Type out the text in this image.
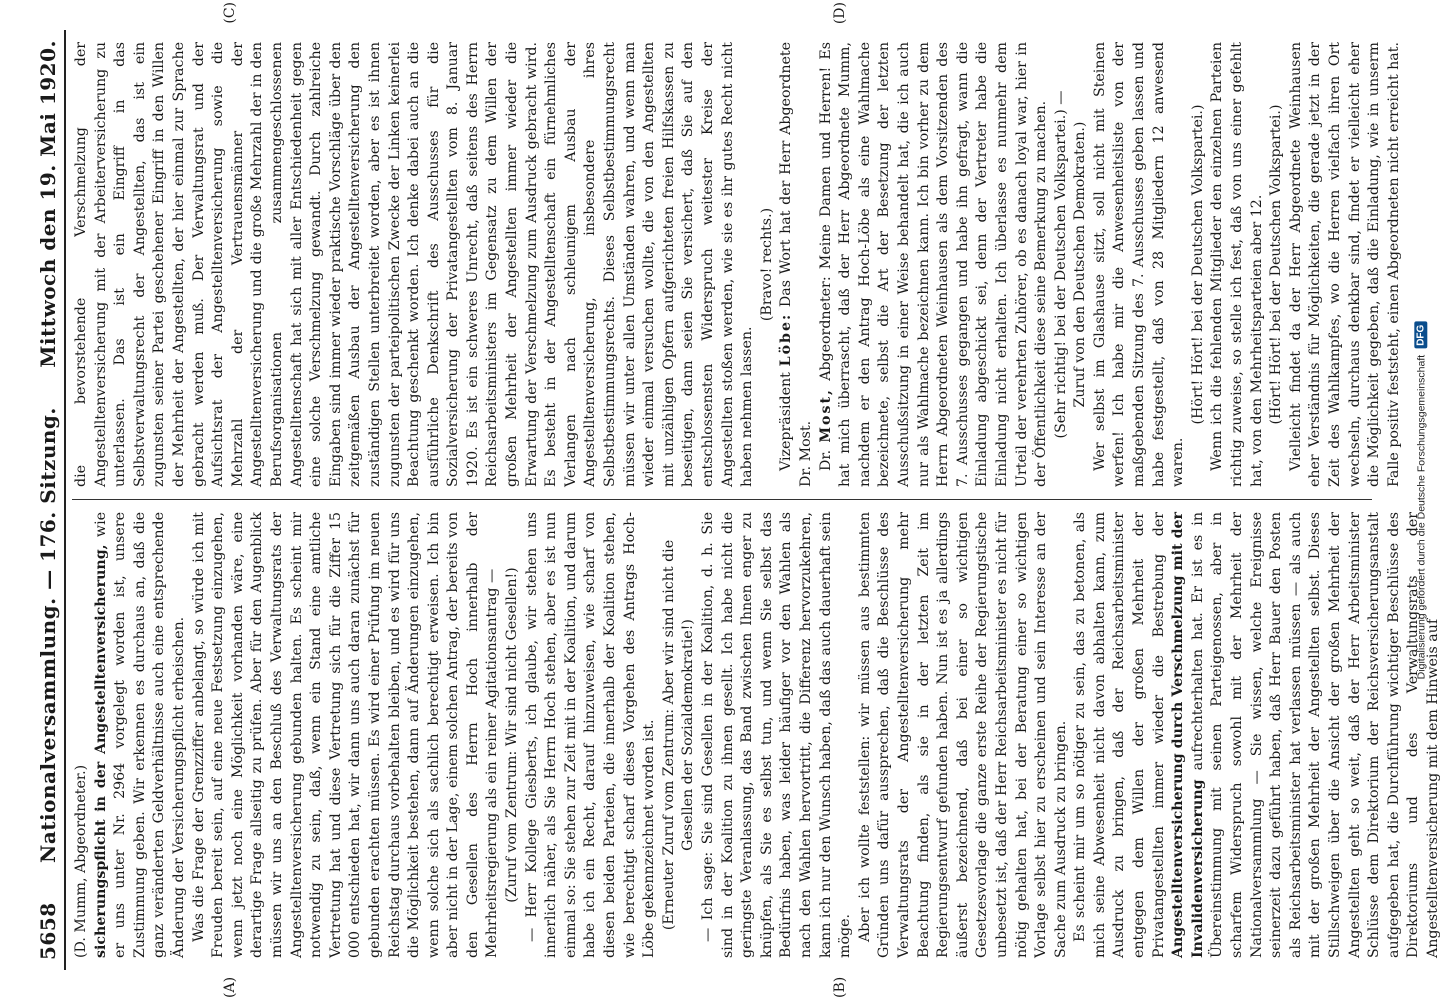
5658
Nationalversammlung. — 176. Sitzung.
Mittwoch den 19. Mai 1920.
(A)	(B)
(C)	(D)

(D. Mumm, Abgeordneter.) sicherungspflicht in der Angestelltenversicherung, wie er uns unter Nr. 2964 vorgelegt worden ist, unsere Zustimmung geben. Wir erkennen es durchaus an, daß die ganz veränderten Geldverhältnisse auch eine entsprechende Änderung der Versicherungspflicht erheischen. Was die Frage der Grenzziffer anbelangt, so würde ich mit Freuden bereit sein, auf eine neue Festsetzung einzugehen, wenn jetzt noch eine Möglichkeit vorhanden wäre, eine derartige Frage allseitig zu prüfen. Aber für den Augenblick müssen wir uns an den Beschluß des Verwaltungsrats der Angestelltenversicherung gebunden halten. Es scheint mir notwendig zu sein, daß, wenn ein Stand eine amtliche Vertretung hat und diese Vertretung sich für die Ziffer 15 000 entschieden hat, wir dann uns auch daran zunächst für gebunden erachten müssen. Es wird einer Prüfung im neuen Reichstag durchaus vorbehalten bleiben, und es wird für uns die Möglichkeit bestehen, dann auf Änderungen einzugehen, wenn solche sich als sachlich berechtigt erweisen. Ich bin aber nicht in der Lage, einem solchen Antrag, der bereits von den Gesellen des Herrn Hoch innerhalb der Mehrheitsregierung als ein reiner Agitationsantrag — (Zuruf vom Zentrum: Wir sind nicht Gesellen!) — Herr Kollege Giesberts, ich glaube, wir stehen uns innerlich näher, als Sie Herrn Hoch stehen, aber es ist nun einmal so: Sie stehen zur Zeit mit in der Koalition, und darum habe ich ein Recht, darauf hinzuweisen, wie scharf von diesen beiden Parteien, die innerhalb der Koalition stehen, wie berechtigt scharf dieses Vorgehen des Antrags Hoch-Löbe gekennzeichnet worden ist. (Erneuter Zuruf vom Zentrum: Aber wir sind nicht die Gesellen der Sozialdemokratie!) — Ich sage: Sie sind Gesellen in der Koalition, d. h. Sie sind in der Koalition zu ihnen gesellt. Ich habe nicht die geringste Veranlassung, das Band zwischen Ihnen enger zu knüpfen, als Sie es selbst tun, und wenn Sie selbst das Bedürfnis haben, was leider häufiger vor den Wahlen als nach den Wahlen hervortritt, die Differenz hervorzukehren, kann ich nur den Wunsch haben, daß das auch dauerhaft sein möge. Aber ich wollte feststellen: wir müssen aus bestimmten Gründen uns dafür aussprechen, daß die Beschlüsse des Verwaltungsrats der Angestelltenversicherung mehr Beachtung finden, als sie in der letzten Zeit im Regierungsentwurf gefunden haben. Nun ist es ja allerdings äußerst bezeichnend, daß bei einer so wichtigen Gesetzesvorlage die ganze erste Reihe der Regierungstische unbesetzt ist, daß der Herr Reichsarbeitsminister es nicht für nötig gehalten hat, bei der Beratung einer so wichtigen Vorlage selbst hier zu erscheinen und sein Interesse an der Sache zum Ausdruck zu bringen. Es scheint mir um so nötiger zu sein, das zu betonen, als mich seine Abwesenheit nicht davon abhalten kann, zum Ausdruck zu bringen, daß der Reichsarbeitsminister entgegen dem Willen der großen Mehrheit der Privatangestellten immer wieder die Bestrebung der Angestelltenversicherung durch Verschmelzung mit der Invalidenversicherung aufrechterhalten hat. Er ist es in Übereinstimmung mit seinen Parteigenossen, aber in scharfem Widerspruch sowohl mit der Mehrheit der Nationalversammlung — Sie wissen, welche Ereignisse seinerzeit dazu geführt haben, daß Herr Bauer den Posten als Reichsarbeitsminister hat verlassen müssen — als auch mit der großen Mehrheit der Angestellten selbst. Dieses Stillschweigen über die Ansicht der großen Mehrheit der Angestellten geht so weit, daß der Herr Arbeitsminister Schlüsse dem Direktorium der Reichsversicherungsanstalt aufgegeben hat, die Durchführung wichtiger Beschlüsse des Direktoriums und des Verwaltungsrats der Angestelltenversicherung mit dem Hinweis auf

die bevorstehende Verschmelzung der Angestelltenversicherung mit der Arbeiterversicherung zu unterlassen. Das ist ein Eingriff in das Selbstverwaltungsrecht der Angestellten, das ist ein zugunsten seiner Partei geschehener Eingriff in den Willen der Mehrheit der Angestellten, der hier einmal zur Sprache gebracht werden muß. Der Verwaltungsrat und der Aufsichtsrat der Angestelltenversicherung sowie die Mehrzahl der Vertrauensmänner der Angestelltenversicherung und die große Mehrzahl der in den Berufsorganisationen zusammengeschlossenen Angestelltenschaft hat sich mit aller Entschiedenheit gegen eine solche Verschmelzung gewandt. Durch zahlreiche Eingaben sind immer wieder praktische Vorschläge über den zeitgemäßen Ausbau der Angestelltenversicherung den zuständigen Stellen unterbreitet worden, aber es ist ihnen zugunsten der parteipolitischen Zwecke der Linken keinerlei Beachtung geschenkt worden. Ich denke dabei auch an die ausführliche Denkschrift des Ausschusses für die Sozialversicherung der Privatangestellten vom 8. Januar 1920. Es ist ein schweres Unrecht, daß seitens des Herrn Reichsarbeitsministers im Gegensatz zu dem Willen der großen Mehrheit der Angestellten immer wieder die Erwartung der Verschmelzung zum Ausdruck gebracht wird. Es besteht in der Angestelltenschaft ein fürnehmliches Verlangen nach schleunigem Ausbau der Angestelltenversicherung, insbesondere ihres Selbstbestimmungsrechts. Dieses Selbstbestimmungsrecht müssen wir unter allen Umständen wahren, und wenn man wieder einmal versuchen wollte, die von den Angestellten mit unzähligen Opfern aufgerichteten freien Hilfskassen zu beseitigen, dann seien Sie versichert, daß Sie auf den entschlossensten Widerspruch weitester Kreise der Angestellten stoßen werden, wie sie es ihr gutes Recht nicht haben nehmen lassen.

(Bravo! rechts.)

Vizepräsident Löbe: Das Wort hat der Herr Abgeordnete Dr. Most. Dr. Most, Abgeordneter: Meine Damen und Herren! Es hat mich überrascht, daß der Herr Abgeordnete Mumm, nachdem er den Antrag Hoch-Löbe als eine Wahlmache bezeichnete, selbst die Art der Besetzung der letzten Ausschußsitzung in einer Weise behandelt hat, die ich auch nur als Wahlmache bezeichnen kann. Ich bin vorher zu dem Herrn Abgeordneten Weinhausen als dem Vorsitzenden des 7. Ausschusses gegangen und habe ihn gefragt, wann die Einladung abgeschickt sei, denn der Vertreter habe die Einladung nicht erhalten. Ich überlasse es nunmehr dem Urteil der verehrten Zuhörer, ob es danach loyal war, hier in der Öffentlichkeit diese seine Bemerkung zu machen. (Sehr richtig! bei der Deutschen Volkspartei.) — Zuruf von den Deutschen Demokraten.) Wer selbst im Glashause sitzt, soll nicht mit Steinen werfen! Ich habe mir die Anwesenheitsliste von der maßgebenden Sitzung des 7. Ausschusses geben lassen und habe festgestellt, daß von 28 Mitgliedern 12 anwesend waren.

(Hört! Hört! bei der Deutschen Volkspartei.) Wenn ich die fehlenden Mitglieder den einzelnen Parteien richtig zuweise, so stelle ich fest, daß von uns einer gefehlt hat, von den Mehrheitsparteien aber 12. (Hört! Hört! bei der Deutschen Volkspartei.) Vielleicht findet da der Herr Abgeordnete Weinhausen eher Verständnis für Möglichkeiten, die gerade jetzt in der Zeit des Wahlkampfes, wo die Herren vielfach ihren Ort wechseln, durchaus denkbar sind, findet er vielleicht eher die Möglichkeit gegeben, daß die Einladung, wie in unserm Falle positiv feststeht, einen Abgeordneten nicht erreicht hat.

Digitalisierung gefördert durch die Deutsche Forschungsgemeinschaft
DFG
